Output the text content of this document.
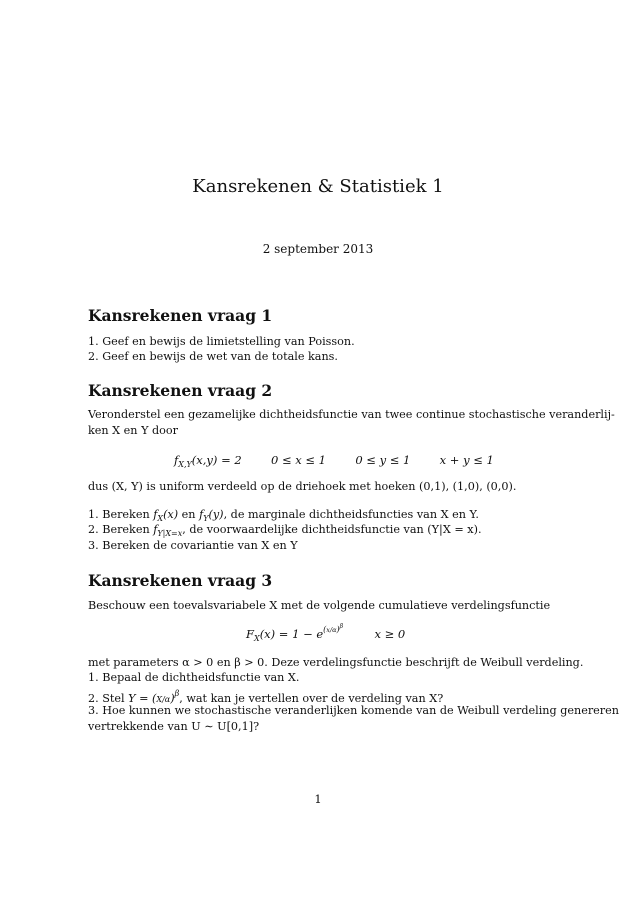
Kansrekenen & Statistiek 1
2 september 2013
Kansrekenen vraag 1
1. Geef en bewijs de limietstelling van Poisson.
2. Geef en bewijs de wet van de totale kans.
Kansrekenen vraag 2
Veronderstel een gezamelijke dichtheidsfunctie van twee continue stochastische veranderlij-
ken X en Y door
$f_{X,Y}(x,y) = 2$	0 ≤ x ≤ 1	0 ≤ y ≤ 1	x + y ≤ 1
dus (X, Y) is uniform verdeeld op de driehoek met hoeken (0,1), (1,0), (0,0).
1. Bereken $f_X(x)$ en $f_Y(y)$, de marginale dichtheidsfuncties van X en Y.
2. Bereken $f_{Y|X=x}$, de voorwaardelijke dichtheidsfunctie van (Y|X = x).
3. Bereken de covariantie van X en Y
Kansrekenen vraag 3
Beschouw een toevalsvariabele X met de volgende cumulatieve verdelingsfunctie
$F_X(x) = 1 - e^{(x/\alpha)^\beta}$  x ≥ 0
met parameters α > 0 en β > 0. Deze verdelingsfunctie beschrijft de Weibull verdeling.
1. Bepaal de dichtheidsfunctie van X.
2. Stel $Y = (X/\alpha)^\beta$, wat kan je vertellen over de verdeling van X?
3. Hoe kunnen we stochastische veranderlijken komende van de Weibull verdeling genereren
vertrekkende van U ∼ U[0,1]?
1
